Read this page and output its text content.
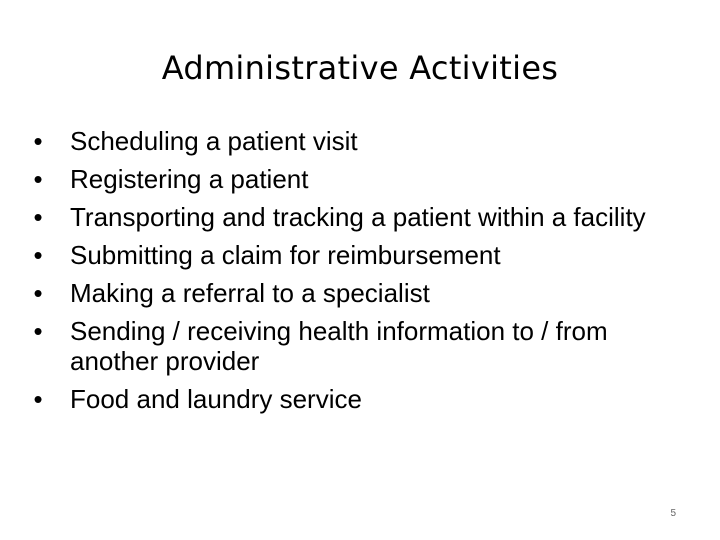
Administrative Activities
• Scheduling a patient visit
• Registering a patient
• Transporting and tracking a patient within a facility
• Submitting a claim for reimbursement
• Making a referral to a specialist
• Sending / receiving health information to / from another provider
• Food and laundry service
5
